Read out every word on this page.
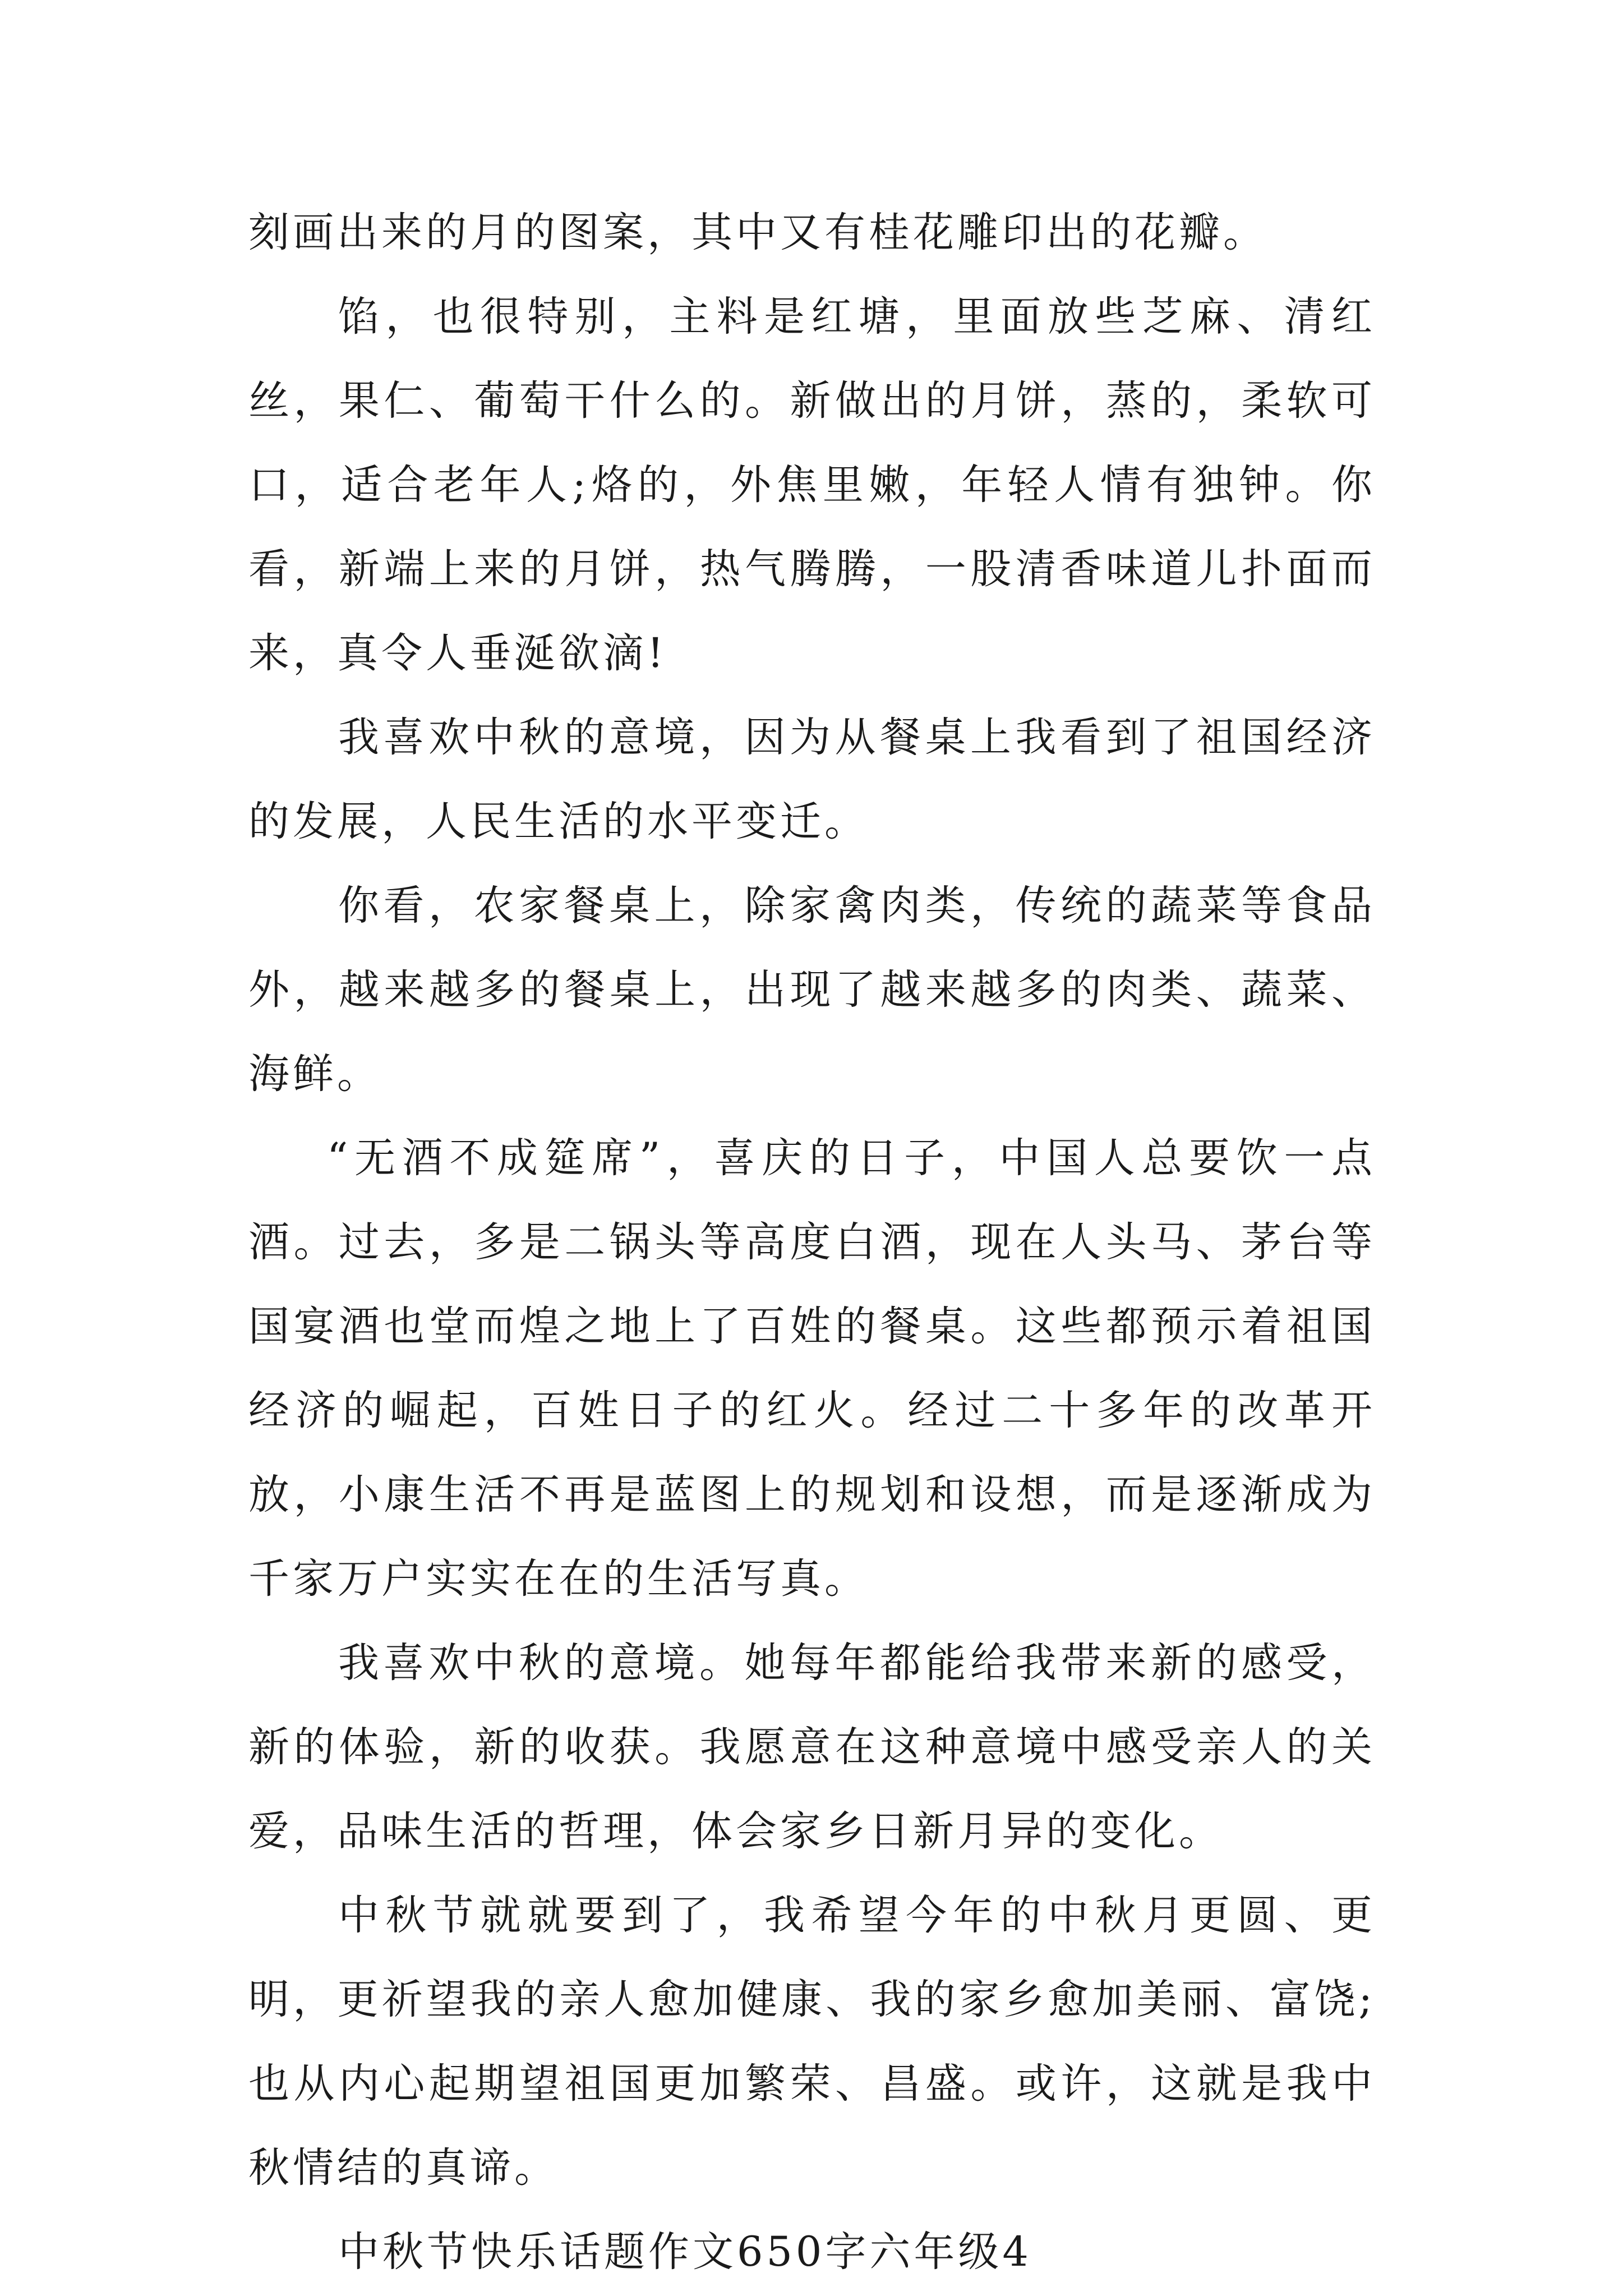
刻画出来的月的图案，其中又有桂花雕印出的花瓣。

馅，也很特别，主料是红塘，里面放些芝麻、清红丝，果仁、葡萄干什么的。新做出的月饼，蒸的，柔软可口，适合老年人;烙的，外焦里嫩，年轻人情有独钟。你看，新端上来的月饼，热气腾腾，一股清香味道儿扑面而来，真令人垂涎欲滴!

我喜欢中秋的意境，因为从餐桌上我看到了祖国经济的发展，人民生活的水平变迁。

你看，农家餐桌上，除家禽肉类，传统的蔬菜等食品外，越来越多的餐桌上，出现了越来越多的肉类、蔬菜、海鲜。

“无酒不成筵席”，喜庆的日子，中国人总要饮一点酒。过去，多是二锅头等高度白酒，现在人头马、茅台等国宴酒也堂而煌之地上了百姓的餐桌。这些都预示着祖国经济的崛起，百姓日子的红火。经过二十多年的改革开放，小康生活不再是蓝图上的规划和设想，而是逐渐成为千家万户实实在在的生活写真。

我喜欢中秋的意境。她每年都能给我带来新的感受，新的体验，新的收获。我愿意在这种意境中感受亲人的关爱，品味生活的哲理，体会家乡日新月异的变化。

中秋节就就要到了，我希望今年的中秋月更圆、更明，更祈望我的亲人愈加健康、我的家乡愈加美丽、富饶;也从内心起期望祖国更加繁荣、昌盛。或许，这就是我中秋情结的真谛。

中秋节快乐话题作文650字六年级4
